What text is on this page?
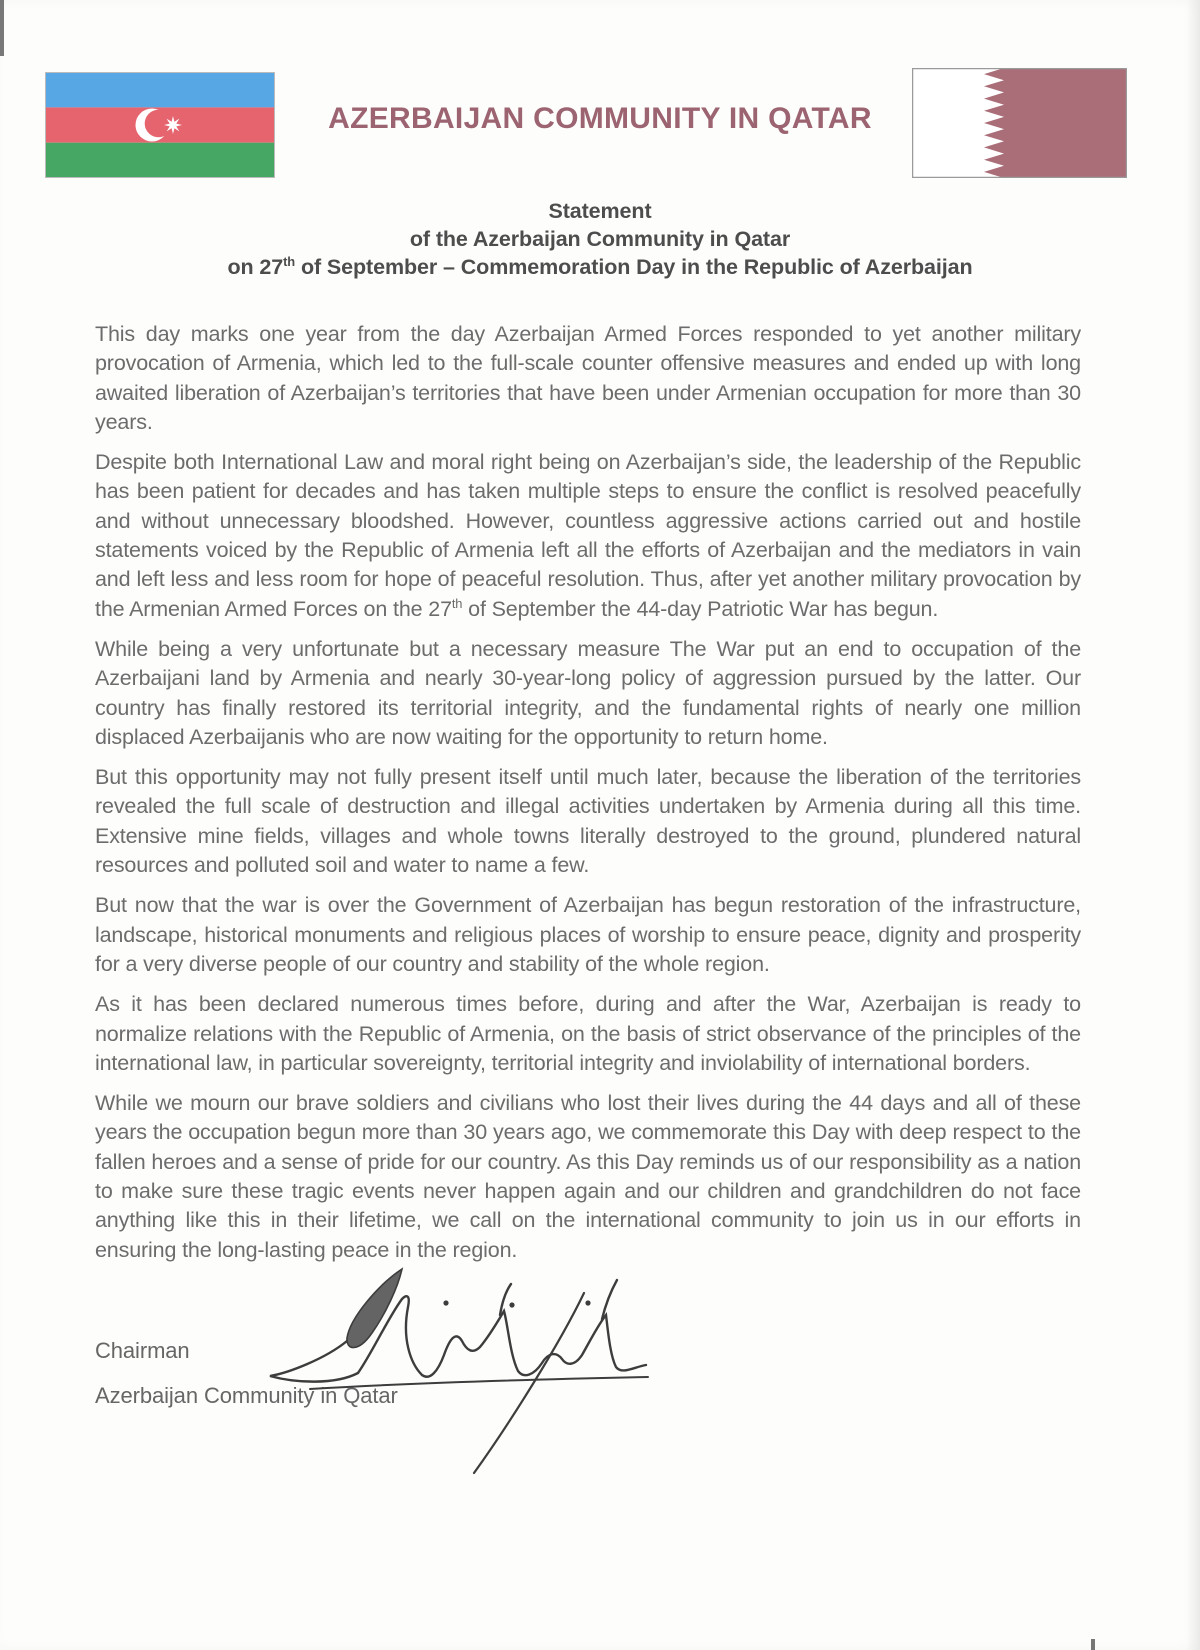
AZERBAIJAN COMMUNITY IN QATAR
Statement
of the Azerbaijan Community in Qatar
on 27th of September – Commemoration Day in the Republic of Azerbaijan

This day marks one year from the day Azerbaijan Armed Forces responded to yet another military provocation of Armenia, which led to the full-scale counter offensive measures and ended up with long awaited liberation of Azerbaijan’s territories that have been under Armenian occupation for more than 30 years.

Despite both International Law and moral right being on Azerbaijan’s side, the leadership of the Republic has been patient for decades and has taken multiple steps to ensure the conflict is resolved peacefully and without unnecessary bloodshed. However, countless aggressive actions carried out and hostile statements voiced by the Republic of Armenia left all the efforts of Azerbaijan and the mediators in vain and left less and less room for hope of peaceful resolution. Thus, after yet another military provocation by the Armenian Armed Forces on the 27th of September the 44-day Patriotic War has begun.

While being a very unfortunate but a necessary measure The War put an end to occupation of the Azerbaijani land by Armenia and nearly 30-year-long policy of aggression pursued by the latter. Our country has finally restored its territorial integrity, and the fundamental rights of nearly one million displaced Azerbaijanis who are now waiting for the opportunity to return home.

But this opportunity may not fully present itself until much later, because the liberation of the territories revealed the full scale of destruction and illegal activities undertaken by Armenia during all this time. Extensive mine fields, villages and whole towns literally destroyed to the ground, plundered natural resources and polluted soil and water to name a few.

But now that the war is over the Government of Azerbaijan has begun restoration of the infrastructure, landscape, historical monuments and religious places of worship to ensure peace, dignity and prosperity for a very diverse people of our country and stability of the whole region.

As it has been declared numerous times before, during and after the War, Azerbaijan is ready to normalize relations with the Republic of Armenia, on the basis of strict observance of the principles of the international law, in particular sovereignty, territorial integrity and inviolability of international borders.

While we mourn our brave soldiers and civilians who lost their lives during the 44 days and all of these years the occupation begun more than 30 years ago, we commemorate this Day with deep respect to the fallen heroes and a sense of pride for our country. As this Day reminds us of our responsibility as a nation to make sure these tragic events never happen again and our children and grandchildren do not face anything like this in their lifetime, we call on the international community to join us in our efforts in ensuring the long-lasting peace in the region.

Chairman
Azerbaijan Community in Qatar
